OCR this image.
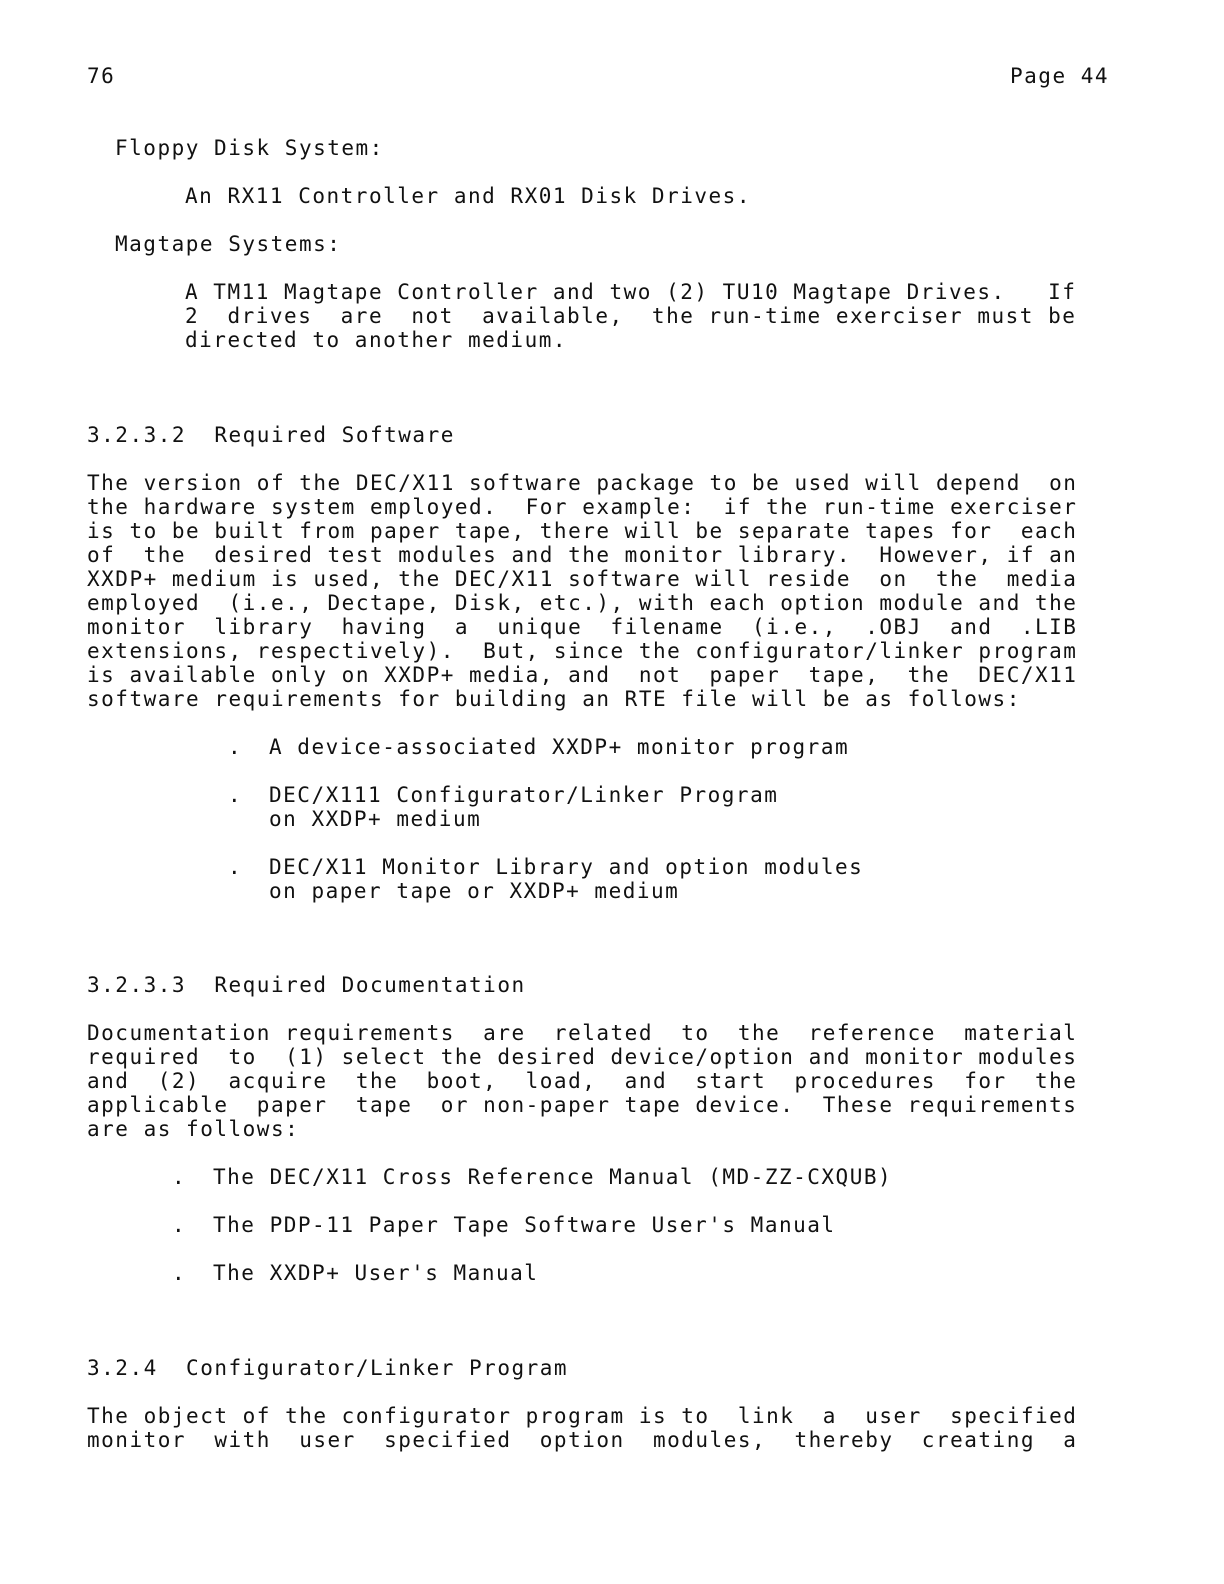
76	Page 44
Floppy Disk System:
An RX11 Controller and RX01 Disk Drives.
Magtape Systems:
A TM11 Magtape Controller and two (2) TU10 Magtape Drives.   If
2  drives  are  not  available,  the run-time exerciser must be
directed to another medium.
3.2.3.2  Required Software
The version of the DEC/X11 software package to be used will depend  on
the hardware system employed.  For example:  if the run-time exerciser
is to be built from paper tape, there will be separate tapes for  each
of  the  desired test modules and the monitor library.  However, if an
XXDP+ medium is used, the DEC/X11 software will reside  on  the  media
employed  (i.e., Dectape, Disk, etc.), with each option module and the
monitor  library  having  a  unique  filename  (i.e.,  .OBJ  and  .LIB
extensions, respectively).  But, since the configurator/linker program
is available only on XXDP+ media, and  not  paper  tape,  the  DEC/X11
software requirements for building an RTE file will be as follows:
. A device-associated XXDP+ monitor program
. DEC/X111 Configurator/Linker Program
on XXDP+ medium
. DEC/X11 Monitor Library and option modules
on paper tape or XXDP+ medium
3.2.3.3  Required Documentation
Documentation requirements  are  related  to  the  reference  material
required  to  (1) select the desired device/option and monitor modules
and  (2)  acquire  the  boot,  load,  and  start  procedures  for  the
applicable  paper  tape  or non-paper tape device.  These requirements
are as follows:
. The DEC/X11 Cross Reference Manual (MD-ZZ-CXQUB)
. The PDP-11 Paper Tape Software User's Manual
. The XXDP+ User's Manual
3.2.4  Configurator/Linker Program
The object of the configurator program is to  link  a  user  specified
monitor  with  user  specified  option  modules,  thereby  creating  a
